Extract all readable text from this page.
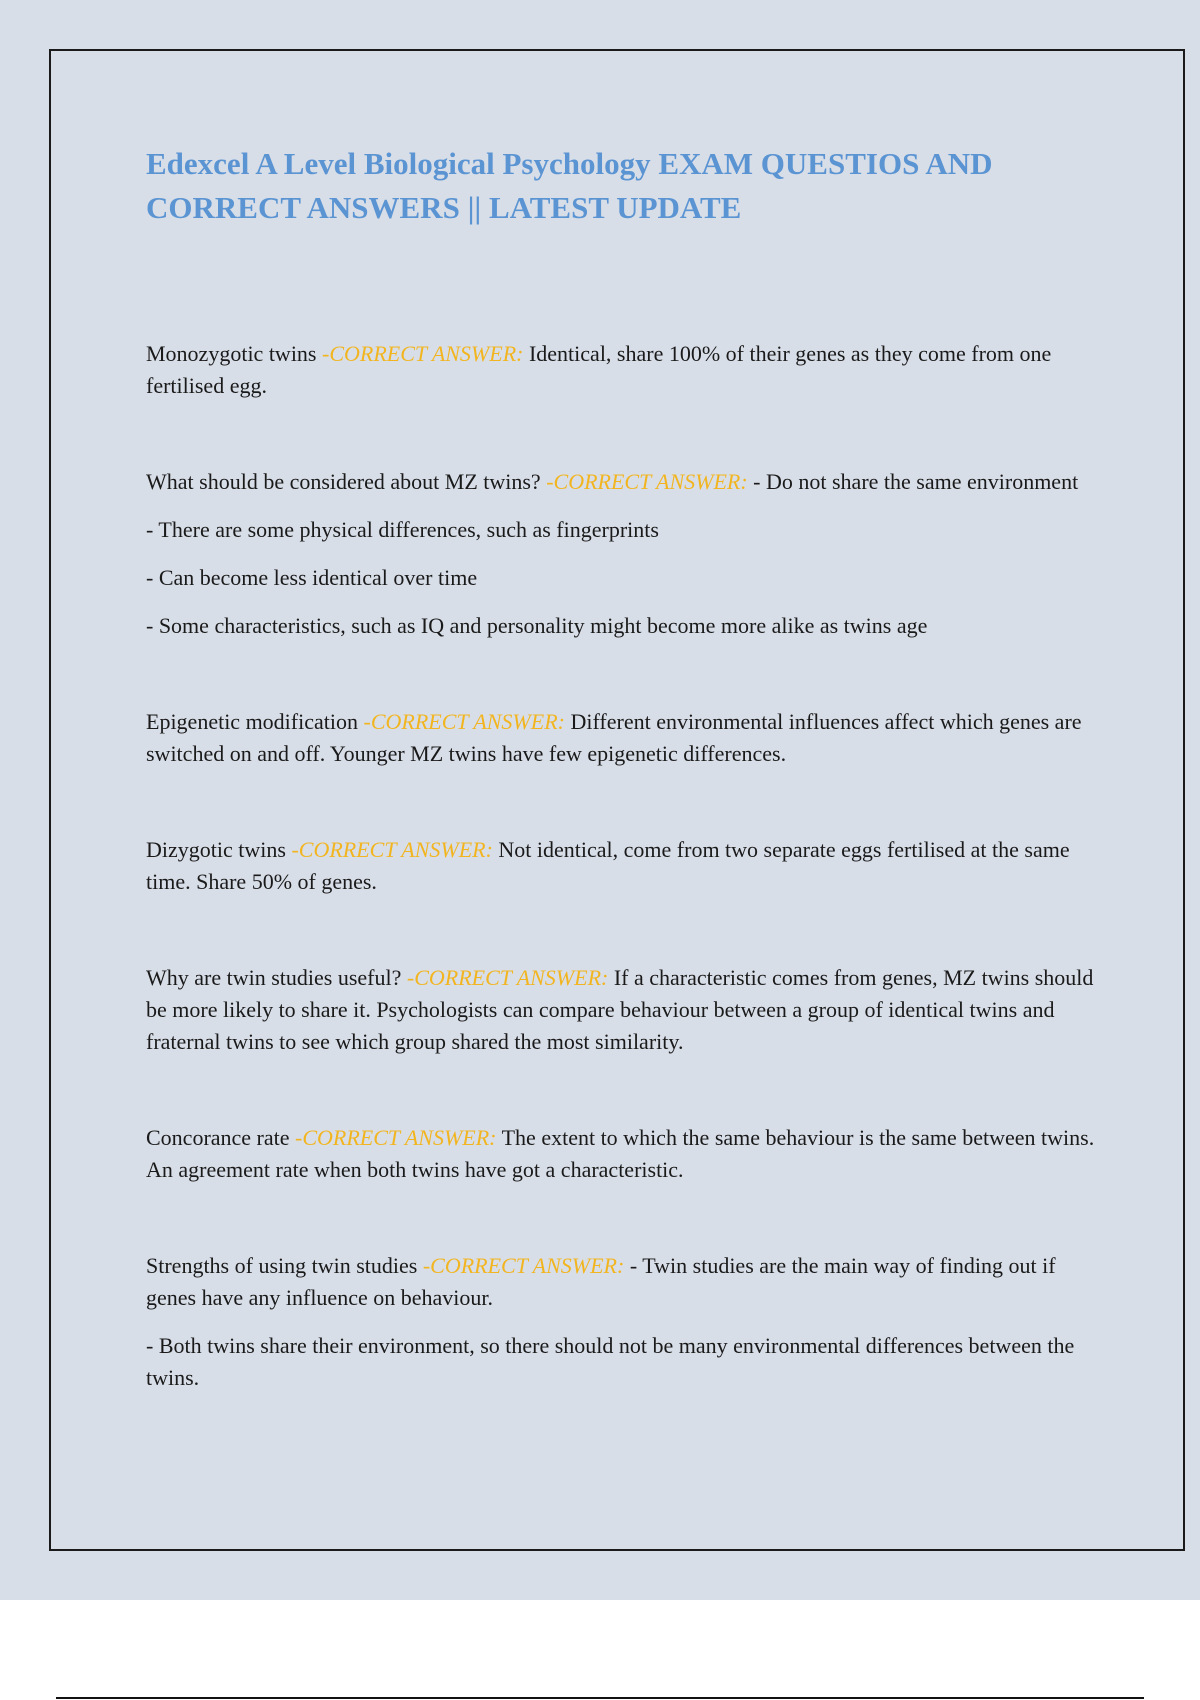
Edexcel A Level Biological Psychology EXAM QUESTIOS AND CORRECT ANSWERS || LATEST UPDATE

Monozygotic twins -CORRECT ANSWER: Identical, share 100% of their genes as they come from one fertilised egg.

What should be considered about MZ twins? -CORRECT ANSWER: - Do not share the same environment

- There are some physical differences, such as fingerprints

- Can become less identical over time

- Some characteristics, such as IQ and personality might become more alike as twins age

Epigenetic modification -CORRECT ANSWER: Different environmental influences affect which genes are switched on and off. Younger MZ twins have few epigenetic differences.

Dizygotic twins -CORRECT ANSWER: Not identical, come from two separate eggs fertilised at the same time. Share 50% of genes.

Why are twin studies useful? -CORRECT ANSWER: If a characteristic comes from genes, MZ twins should be more likely to share it. Psychologists can compare behaviour between a group of identical twins and fraternal twins to see which group shared the most similarity.

Concorance rate -CORRECT ANSWER: The extent to which the same behaviour is the same between twins. An agreement rate when both twins have got a characteristic.

Strengths of using twin studies -CORRECT ANSWER: - Twin studies are the main way of finding out if genes have any influence on behaviour.

- Both twins share their environment, so there should not be many environmental differences between the twins.
